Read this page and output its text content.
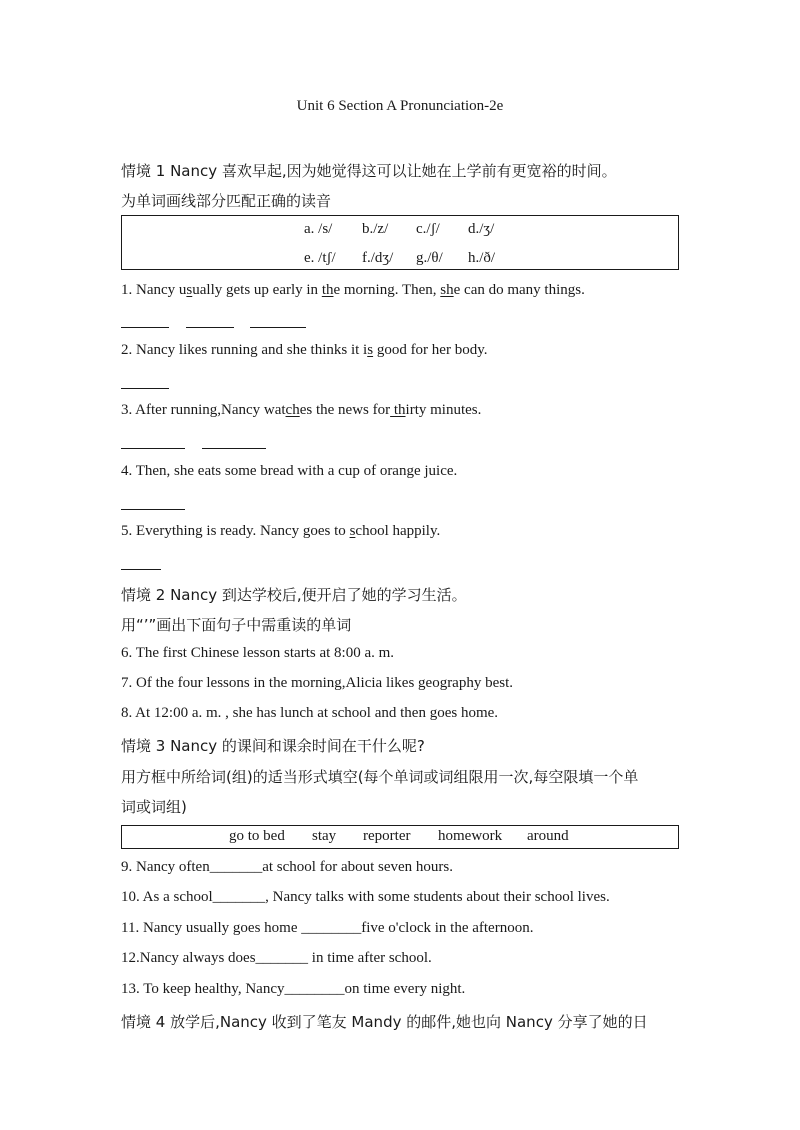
Unit 6 Section A Pronunciation-2e
情境 1 Nancy 喜欢早起,因为她觉得这可以让她在上学前有更宽裕的时间。
为单词画线部分匹配正确的读音
a. /s/ b./z/ c./ʃ/ d./ʒ/
e. /tʃ/ f./dʒ/ g./θ/ h./ð/
1. Nancy usually gets up early in the morning. Then, she can do many things.
2. Nancy likes running and she thinks it is good for her body.
3. After running,Nancy watches the news for thirty minutes.
4. Then, she eats some bread with a cup of orange juice.
5. Everything is ready. Nancy goes to school happily.
情境 2 Nancy 到达学校后,便开启了她的学习生活。
用“’”画出下面句子中需重读的单词
6. The first Chinese lesson starts at 8:00 a. m.
7. Of the four lessons in the morning,Alicia likes geography best.
8. At 12:00 a. m. , she has lunch at school and then goes home.
情境 3 Nancy 的课间和课余时间在干什么呢?
用方框中所给词(组)的适当形式填空(每个单词或词组限用一次,每空限填一个单
词或词组)
go to bed stay reporter homework around
9. Nancy often_______at school for about seven hours.
10. As a school_______, Nancy talks with some students about their school lives.
11. Nancy usually goes home ________five o'clock in the afternoon.
12.Nancy always does_______ in time after school.
13. To keep healthy, Nancy________on time every night.
情境 4 放学后,Nancy 收到了笔友 Mandy 的邮件,她也向 Nancy 分享了她的日
